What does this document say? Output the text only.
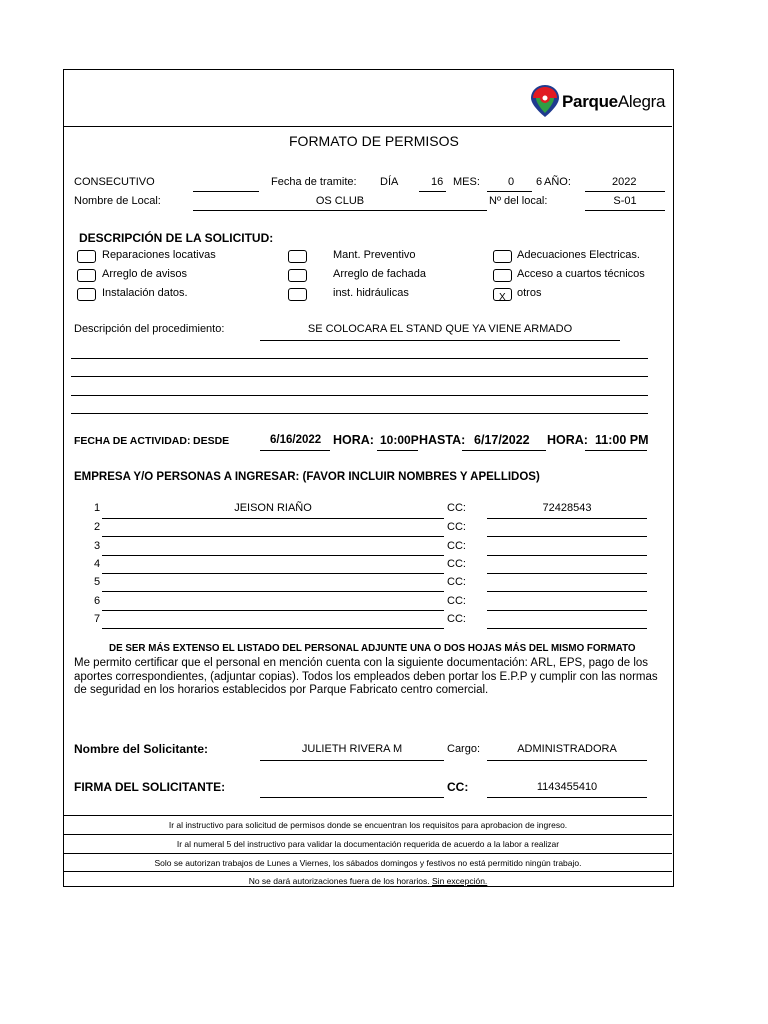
ParqueAlegra
FORMATO DE PERMISOS
CONSECUTIVO	Fecha de tramite: DÍA	16 MES:	0 6 AÑO:	2022
Nombre de Local:	OS CLUB	Nº del local:	S-01
DESCRIPCIÓN DE LA SOLICITUD:
Reparaciones locativas
Arreglo de avisos
Instalación datos.
Mant. Preventivo
Arreglo de fachada
inst. hidráulicas
Adecuaciones Electricas.
Acceso a cuartos técnicos
X otros
Descripción del procedimiento:	SE COLOCARA EL STAND QUE YA VIENE ARMADO
FECHA DE ACTIVIDAD: DESDE	6/16/2022 HORA: 10:00P HASTA: 6/17/2022 HORA: 11:00 PM
EMPRESA Y/O PERSONAS A INGRESAR: (FAVOR INCLUIR NOMBRES Y APELLIDOS)
1	JEISON RIAÑO	CC:	72428543
2	CC:
3	CC:
4	CC:
5	CC:
6	CC:
7	CC:
DE SER MÁS EXTENSO EL LISTADO DEL PERSONAL ADJUNTE UNA O DOS HOJAS MÁS DEL MISMO FORMATO
Me permito certificar que el personal en mención cuenta con la siguiente documentación: ARL, EPS, pago de los aportes correspondientes, (adjuntar copias). Todos los empleados deben portar los E.P.P y cumplir con las normas de seguridad en los horarios establecidos por Parque Fabricato centro comercial.
Nombre del Solicitante:	JULIETH RIVERA M	Cargo:	ADMINISTRADORA
FIRMA DEL SOLICITANTE:	CC:	1143455410
Ir al instructivo para solicitud de permisos donde se encuentran los requisitos para aprobacion de ingreso.
Ir al numeral 5 del instructivo para validar la documentación requerida de acuerdo a la labor a realizar
Solo se autorizan trabajos de Lunes a Viernes, los sábados domingos y festivos no está permitido ningún trabajo.
No se dará autorizaciones fuera de los horarios. Sin excepción.
